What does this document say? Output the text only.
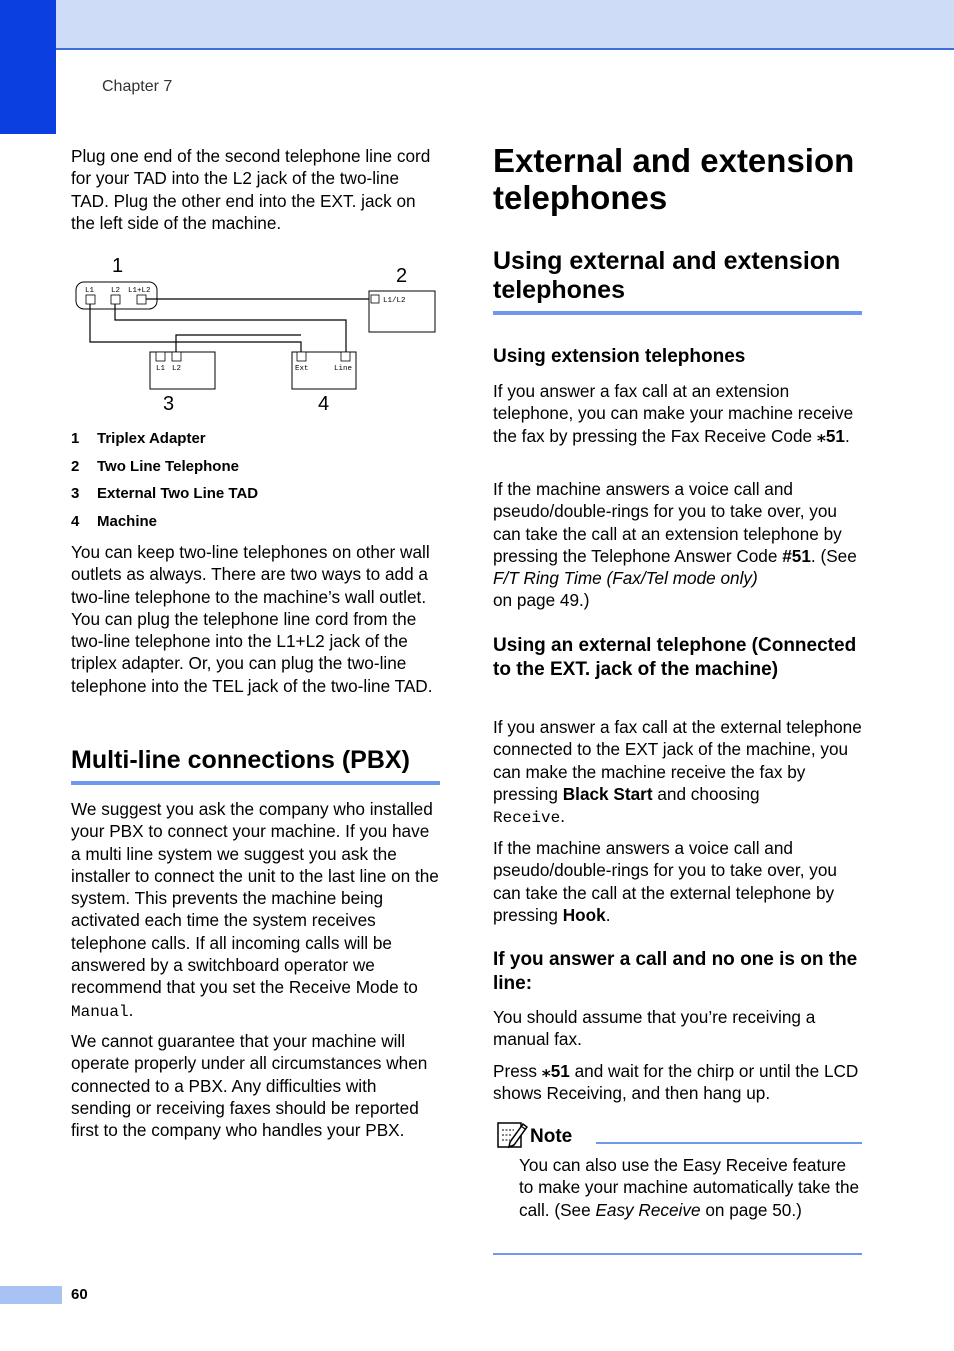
Chapter 7

Plug one end of the second telephone line cord for your TAD into the L2 jack of the two-line TAD. Plug the other end into the EXT. jack on the left side of the machine.

1	2
3	4
L1 L2 L1+L2
L1/L2
L1 L2	Ext	Line
1 Triplex Adapter
2 Two Line Telephone
3 External Two Line TAD
4 Machine

You can keep two-line telephones on other wall outlets as always. There are two ways to add a two-line telephone to the machine’s wall outlet. You can plug the telephone line cord from the two-line telephone into the L1+L2 jack of the triplex adapter. Or, you can plug the two-line telephone into the TEL jack of the two-line TAD.

Multi-line connections (PBX)

We suggest you ask the company who installed your PBX to connect your machine. If you have a multi line system we suggest you ask the installer to connect the unit to the last line on the system. This prevents the machine being activated each time the system receives telephone calls. If all incoming calls will be answered by a switchboard operator we recommend that you set the Receive Mode to Manual.

We cannot guarantee that your machine will operate properly under all circumstances when connected to a PBX. Any difficulties with sending or receiving faxes should be reported first to the company who handles your PBX.

External and extension telephones
Using external and extension telephones
Using extension telephones

If you answer a fax call at an extension telephone, you can make your machine receive the fax by pressing the Fax Receive Code ⁎51.

If the machine answers a voice call and pseudo/double-rings for you to take over, you can take the call at an extension telephone by pressing the Telephone Answer Code #51. (See F/T Ring Time (Fax/Tel mode only)
on page 49.)

Using an external telephone (Connected to the EXT. jack of the machine)

If you answer a fax call at the external telephone connected to the EXT jack of the machine, you can make the machine receive the fax by pressing Black Start and choosing
Receive.

If the machine answers a voice call and pseudo/double-rings for you to take over, you can take the call at the external telephone by pressing Hook.

If you answer a call and no one is on the line:

You should assume that you’re receiving a manual fax.

Press ⁎51 and wait for the chirp or until the LCD shows Receiving, and then hang up.

Note

You can also use the Easy Receive feature to make your machine automatically take the call. (See Easy Receive on page 50.)

60
